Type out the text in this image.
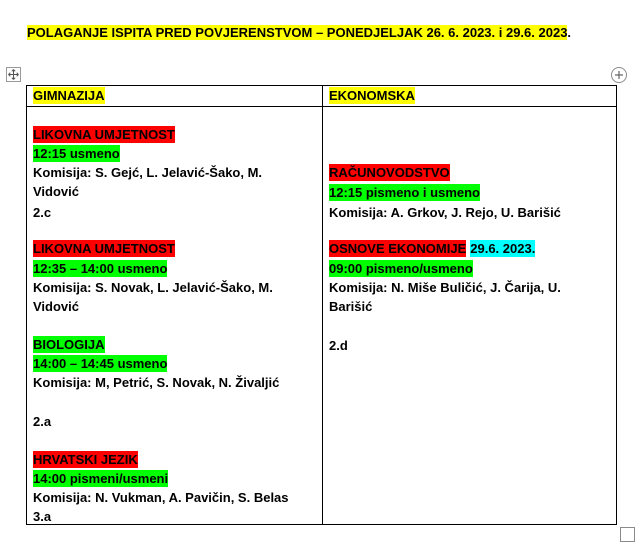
POLAGANJE ISPITA PRED POVJERENSTVOM – PONEDJELJAK 26. 6. 2023. i 29.6. 2023.
GIMNAZIJA	EKONOMSKA
LIKOVNA UMJETNOST
12:15 usmeno
Komisija: S. Gejć, L. Jelavić-Šako, M.
Vidović
2.c
LIKOVNA UMJETNOST
12:35 – 14:00 usmeno
Komisija: S. Novak, L. Jelavić-Šako, M.
Vidović
BIOLOGIJA
14:00 – 14:45 usmeno
Komisija: M, Petrić, S. Novak, N. Živaljić
2.a
HRVATSKI JEZIK
14:00 pismeni/usmeni
Komisija: N. Vukman, A. Pavičin, S. Belas
3.a
RAČUNOVODSTVO
12:15 pismeno i usmeno
Komisija: A. Grkov, J. Rejo, U. Barišić
OSNOVE EKONOMIJE 29.6. 2023.
09:00 pismeno/usmeno
Komisija: N. Miše Buličić, J. Čarija, U.
Barišić
2.d
